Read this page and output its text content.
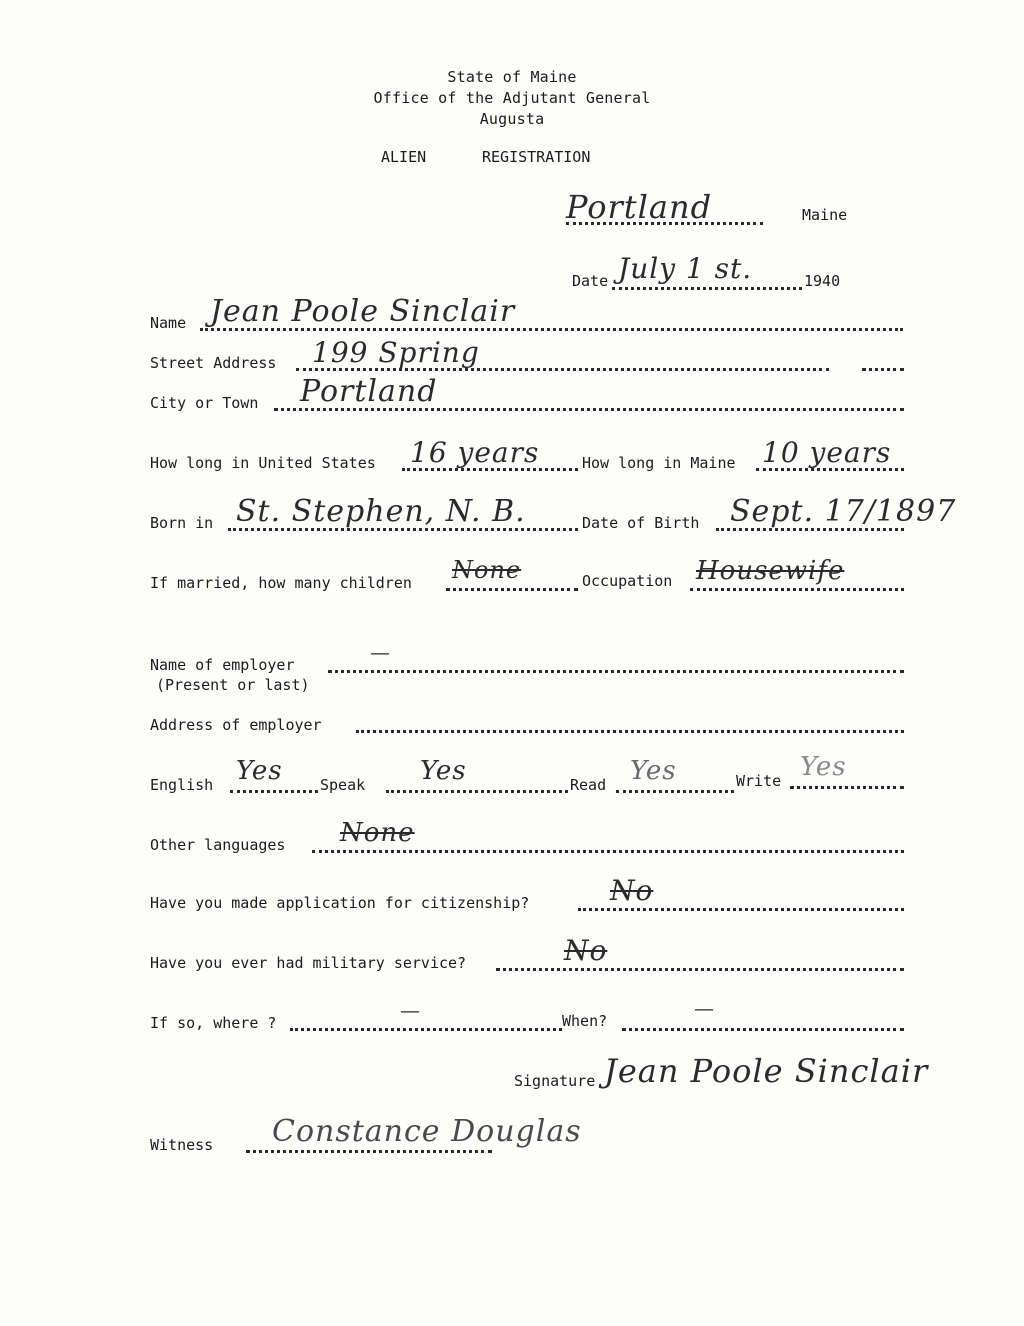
State of Maine
Office of the Adjutant General
Augusta
ALIEN	REGISTRATION
Portland	Maine
Date July 1 st.	1940
Name Jean Poole Sinclair
Street Address 199 Spring
City or Town Portland
How long in United States 16 years	How long in Maine 10 years
Born in St. Stephen, N. B.	Date of Birth Sept. 17/1897
If married, how many children None	Occupation Housewife
Name of employer
—
(Present or last)
Address of employer
English Yes Speak Yes	Read Yes	Write Yes
Other languages None
Have you made application for citizenship?	No
Have you ever had military service?	No
If so, where ?
—	When?
—
Signature Jean Poole Sinclair
Witness Constance Douglas
